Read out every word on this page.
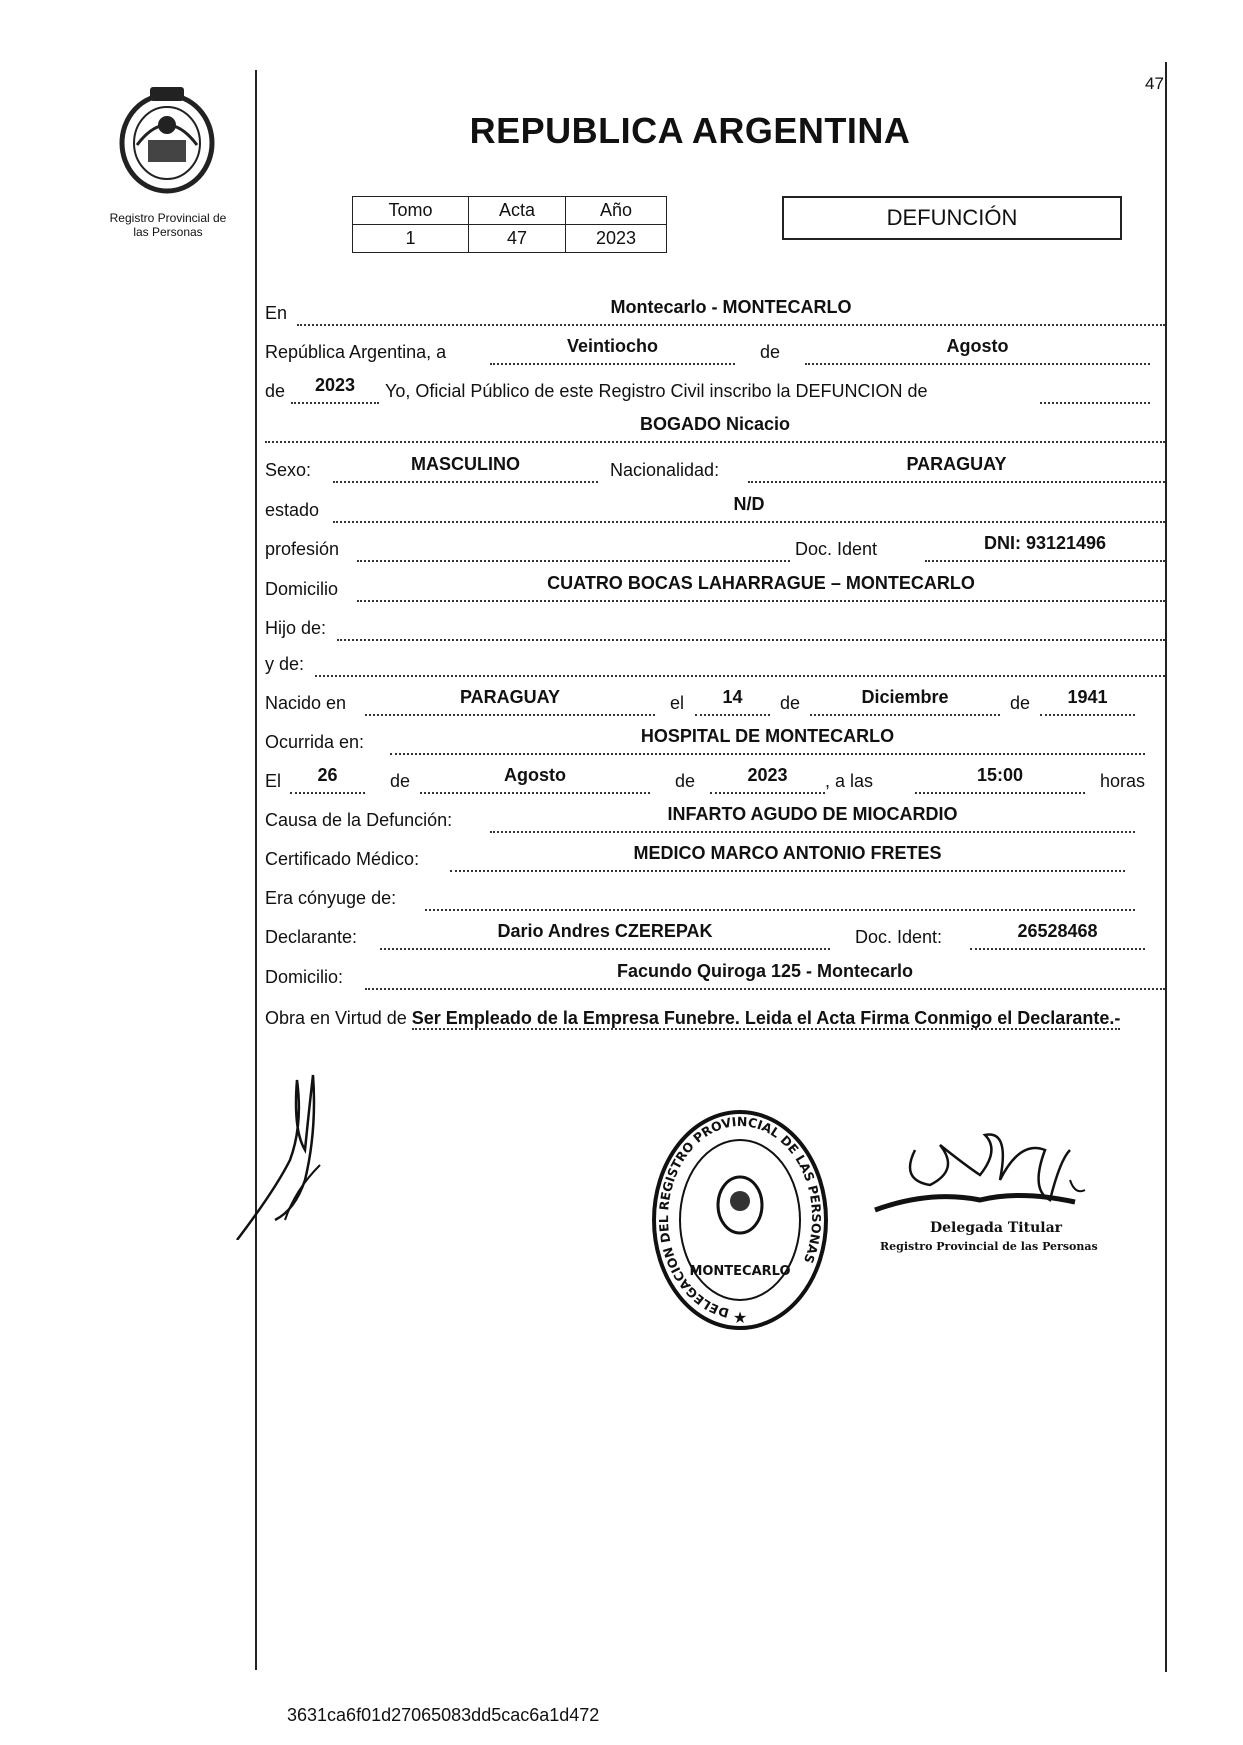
Registro Provincial de
las Personas
47
REPUBLICA ARGENTINA
Tomo	Acta	Año
1	47	2023
DEFUNCIÓN
En	Montecarlo - MONTECARLO
República Argentina, a	Veintiocho	de	Agosto
de	2023	Yo, Oficial Público de este Registro Civil inscribo la DEFUNCION de
BOGADO Nicacio
Sexo:	MASCULINO	Nacionalidad:	PARAGUAY
estado	N/D
profesión	Doc. Ident	DNI: 93121496
Domicilio	CUATRO BOCAS LAHARRAGUE – MONTECARLO
Hijo de:
y de:
Nacido en	PARAGUAY	el	14	de	Diciembre	de	1941
Ocurrida en:	HOSPITAL DE MONTECARLO
El	26	de	Agosto	de	2023	, a las	15:00	horas
Causa de la Defunción:	INFARTO AGUDO DE MIOCARDIO
Certificado Médico:	MEDICO MARCO ANTONIO FRETES
Era cónyuge de:
Declarante:	Dario Andres CZEREPAK	Doc. Ident:	26528468
Domicilio:	Facundo Quiroga 125 - Montecarlo
Obra en Virtud de Ser Empleado de la Empresa Funebre. Leida el Acta Firma Conmigo el Declarante.-
DELEGACION DEL REGISTRO PROVINCIAL DE LAS PERSONAS
MONTECARLO
★
Delegada Titular
Registro Provincial de las Personas
3631ca6f01d27065083dd5cac6a1d472
